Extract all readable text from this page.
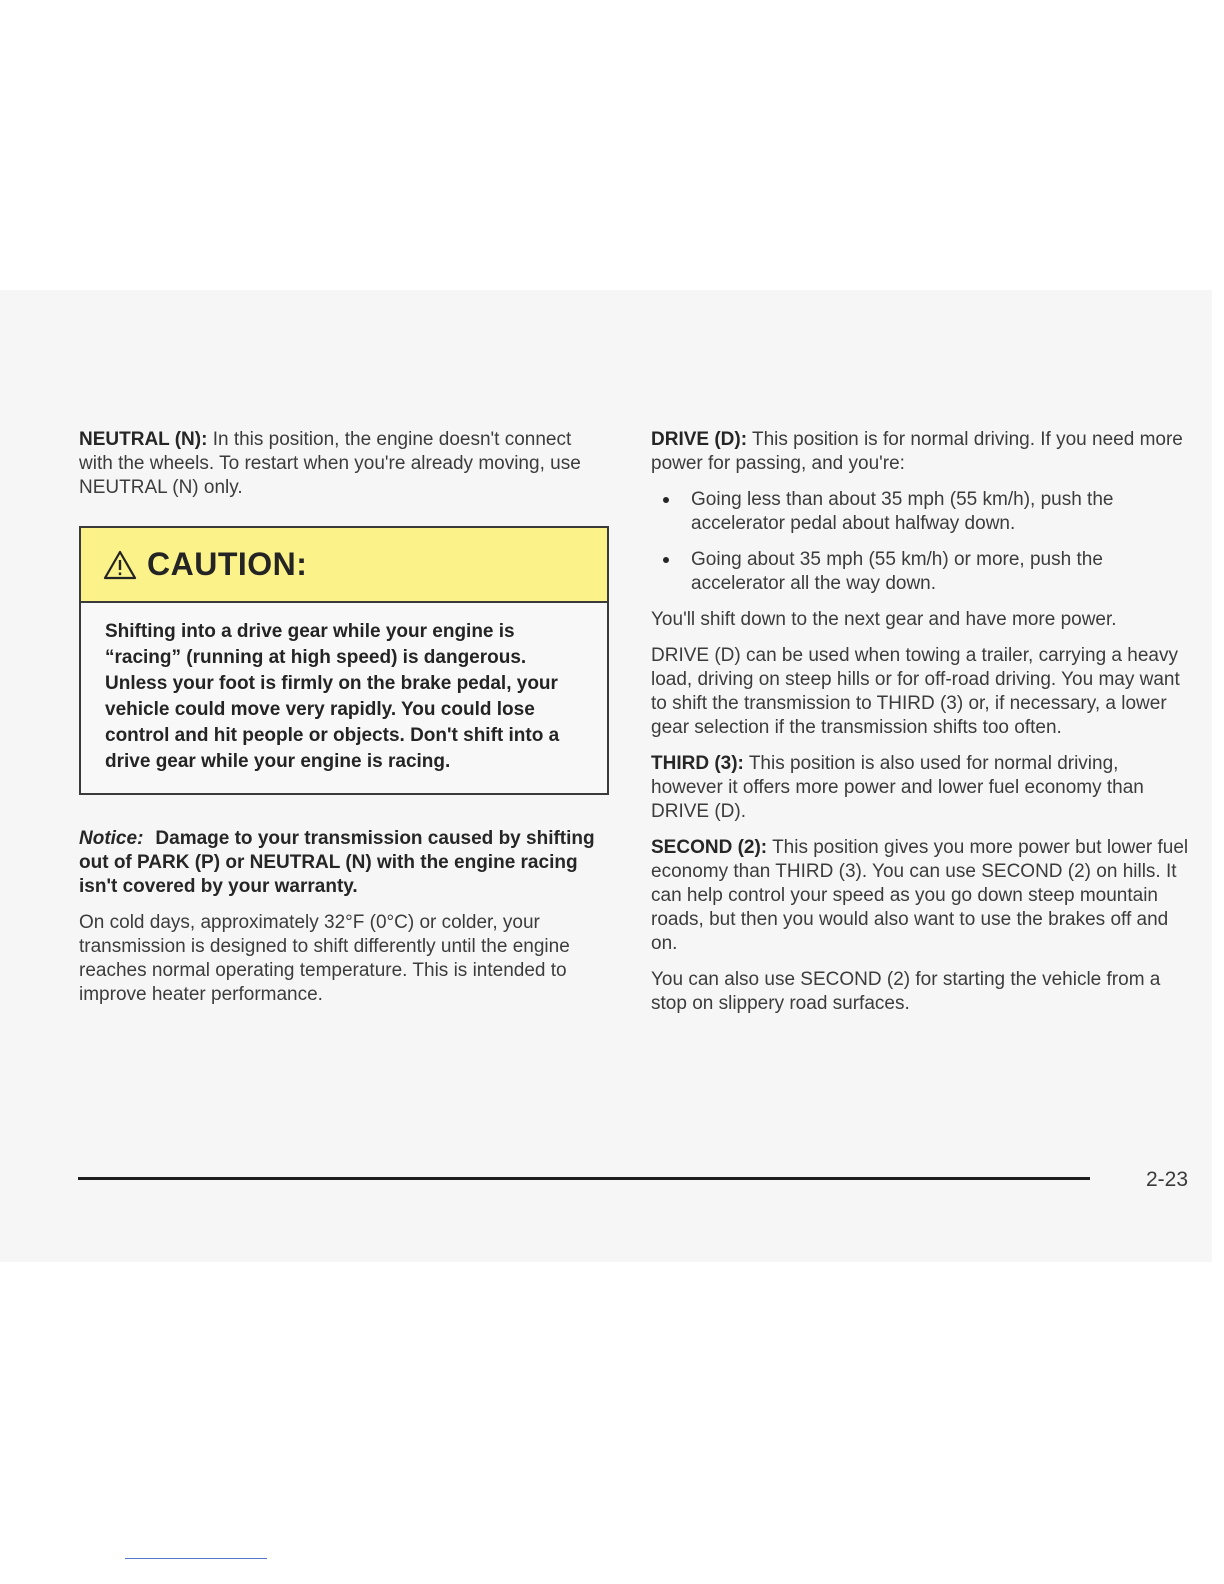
NEUTRAL (N): In this position, the engine doesn't connect with the wheels. To restart when you're already moving, use NEUTRAL (N) only.

CAUTION:
Shifting into a drive gear while your engine is “racing” (running at high speed) is dangerous. Unless your foot is firmly on the brake pedal, your vehicle could move very rapidly. You could lose control and hit people or objects. Don't shift into a drive gear while your engine is racing.

Notice: Damage to your transmission caused by shifting out of PARK (P) or NEUTRAL (N) with the engine racing isn't covered by your warranty.

On cold days, approximately 32°F (0°C) or colder, your transmission is designed to shift differently until the engine reaches normal operating temperature. This is intended to improve heater performance.

DRIVE (D): This position is for normal driving. If you need more power for passing, and you're:

Going less than about 35 mph (55 km/h), push the accelerator pedal about halfway down.
Going about 35 mph (55 km/h) or more, push the accelerator all the way down.

You'll shift down to the next gear and have more power.

DRIVE (D) can be used when towing a trailer, carrying a heavy load, driving on steep hills or for off-road driving. You may want to shift the transmission to THIRD (3) or, if necessary, a lower gear selection if the transmission shifts too often.

THIRD (3): This position is also used for normal driving, however it offers more power and lower fuel economy than DRIVE (D).

SECOND (2): This position gives you more power but lower fuel economy than THIRD (3). You can use SECOND (2) on hills. It can help control your speed as you go down steep mountain roads, but then you would also want to use the brakes off and on.

You can also use SECOND (2) for starting the vehicle from a stop on slippery road surfaces.

2-23
